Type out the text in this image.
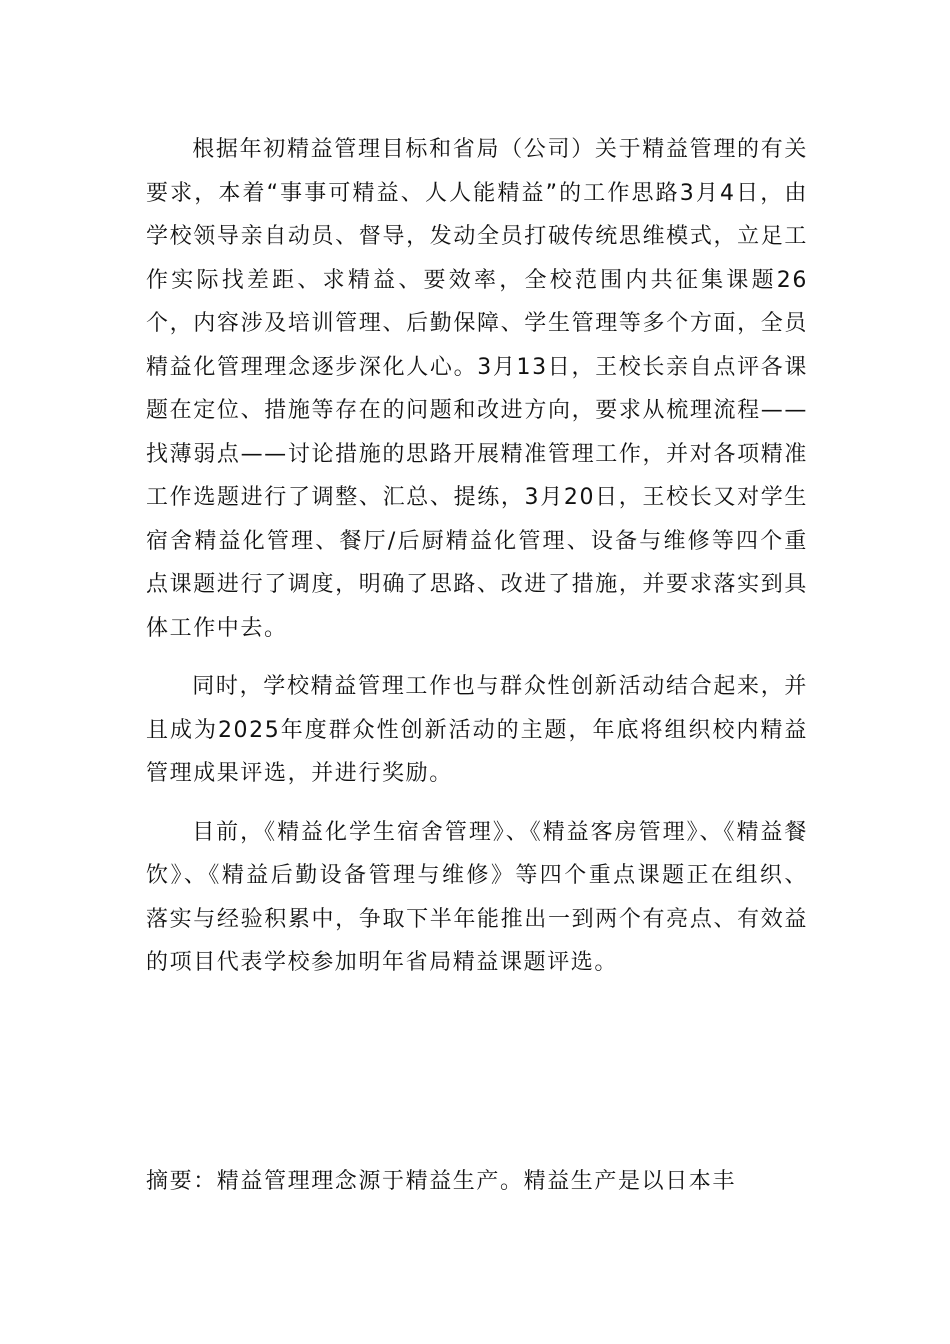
根据年初精益管理目标和省局（公司）关于精益管理的有关要求，本着“事事可精益、人人能精益”的工作思路3月4日，由学校领导亲自动员、督导，发动全员打破传统思维模式，立足工作实际找差距、求精益、要效率，全校范围内共征集课题26个，内容涉及培训管理、后勤保障、学生管理等多个方面，全员精益化管理理念逐步深化人心。3月13日，王校长亲自点评各课题在定位、措施等存在的问题和改进方向，要求从梳理流程——找薄弱点——讨论措施的思路开展精准管理工作，并对各项精准工作选题进行了调整、汇总、提练，3月20日，王校长又对学生宿舍精益化管理、餐厅/后厨精益化管理、设备与维修等四个重点课题进行了调度，明确了思路、改进了措施，并要求落实到具体工作中去。

同时，学校精益管理工作也与群众性创新活动结合起来，并且成为2025年度群众性创新活动的主题，年底将组织校内精益管理成果评选，并进行奖励。

目前，《精益化学生宿舍管理》、《精益客房管理》、《精益餐饮》、《精益后勤设备管理与维修》等四个重点课题正在组织、落实与经验积累中，争取下半年能推出一到两个有亮点、有效益的项目代表学校参加明年省局精益课题评选。

摘要：精益管理理念源于精益生产。精益生产是以日本丰
